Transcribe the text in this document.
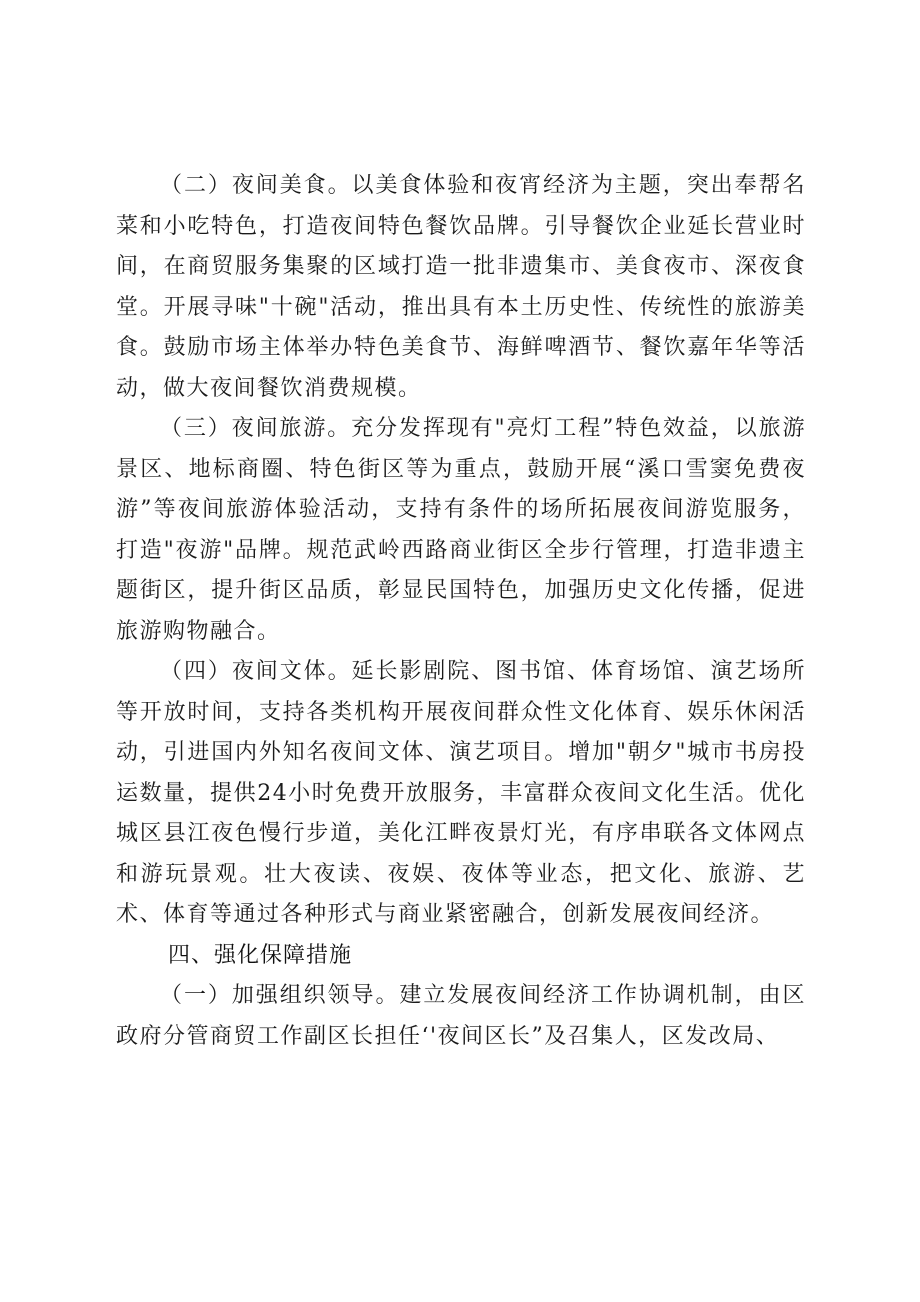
（二）夜间美食。以美食体验和夜宵经济为主题，突出奉帮名菜和小吃特色，打造夜间特色餐饮品牌。引导餐饮企业延长营业时间，在商贸服务集聚的区域打造一批非遗集市、美食夜市、深夜食堂。开展寻味"十碗"活动，推出具有本土历史性、传统性的旅游美食。鼓励市场主体举办特色美食节、海鲜啤酒节、餐饮嘉年华等活动，做大夜间餐饮消费规模。

（三）夜间旅游。充分发挥现有"亮灯工程”特色效益，以旅游景区、地标商圈、特色街区等为重点，鼓励开展“溪口雪窦免费夜游”等夜间旅游体验活动，支持有条件的场所拓展夜间游览服务，打造"夜游"品牌。规范武岭西路商业街区全步行管理，打造非遗主题街区，提升街区品质，彰显民国特色，加强历史文化传播，促进旅游购物融合。

（四）夜间文体。延长影剧院、图书馆、体育场馆、演艺场所等开放时间，支持各类机构开展夜间群众性文化体育、娱乐休闲活动，引进国内外知名夜间文体、演艺项目。增加"朝夕"城市书房投运数量，提供24小时免费开放服务，丰富群众夜间文化生活。优化城区县江夜色慢行步道，美化江畔夜景灯光，有序串联各文体网点和游玩景观。壮大夜读、夜娱、夜体等业态，把文化、旅游、艺术、体育等通过各种形式与商业紧密融合，创新发展夜间经济。

四、强化保障措施

（一）加强组织领导。建立发展夜间经济工作协调机制，由区政府分管商贸工作副区长担任‘'夜间区长”及召集人，区发改局、
